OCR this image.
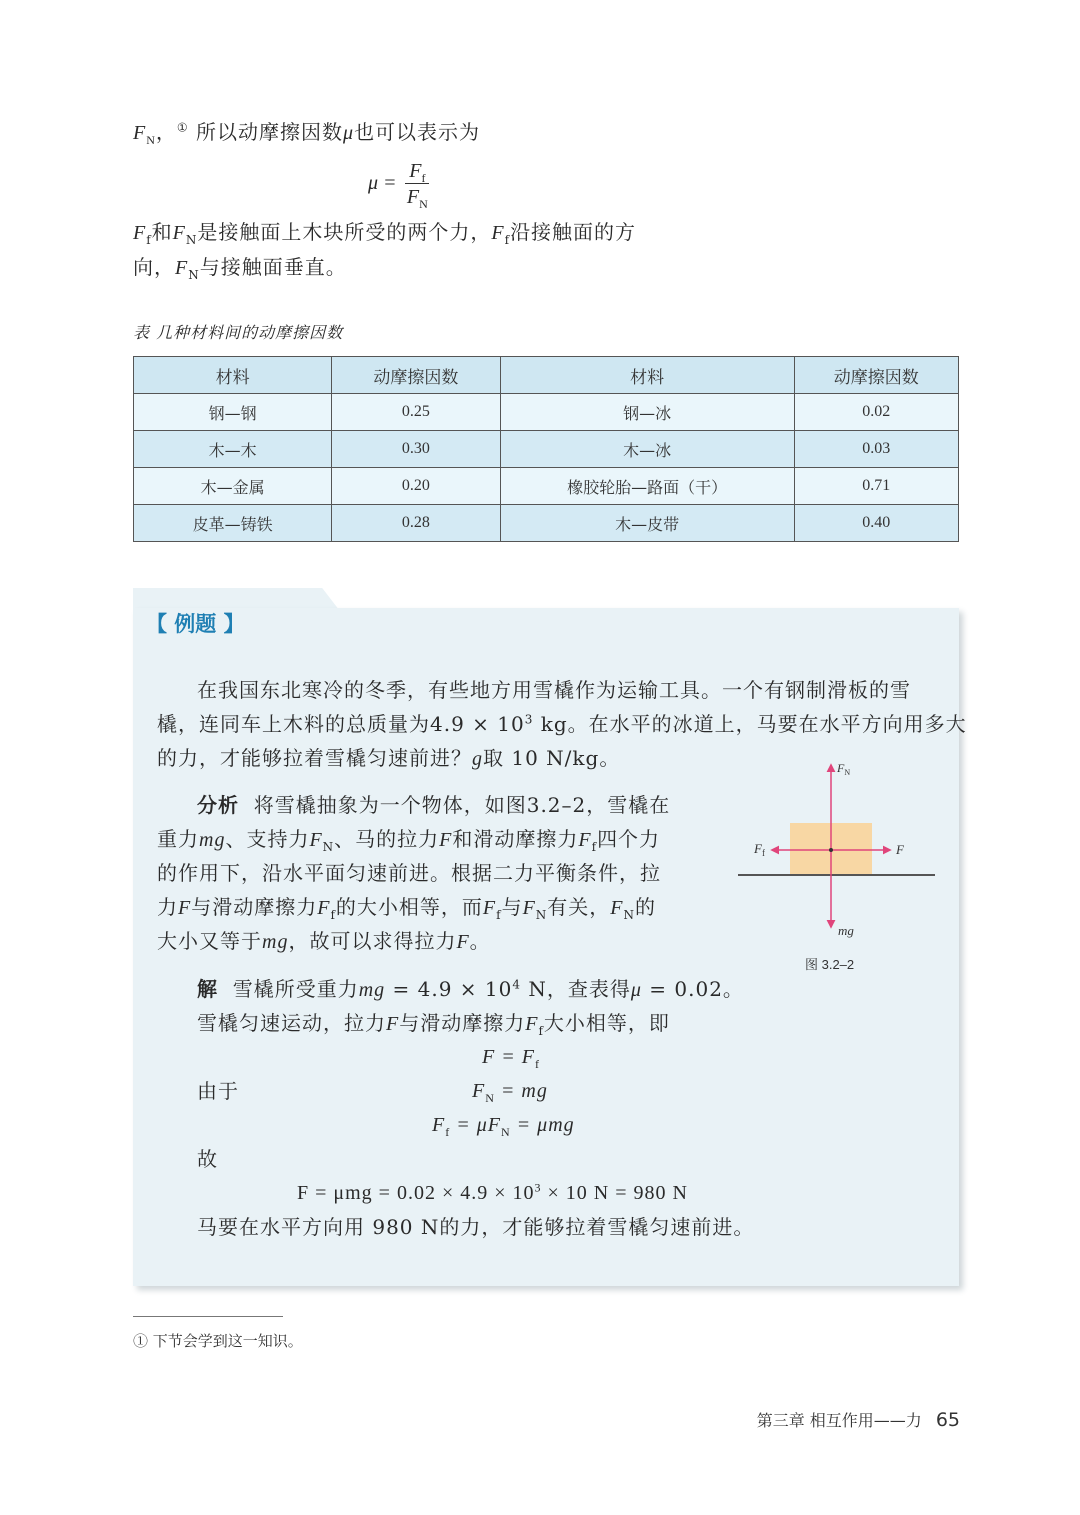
$F_N$，① 所以动摩擦因数μ也可以表示为
$\mu = \frac{F_f}{F_N}$
$F_f$和$F_N$是接触面上木块所受的两个力，$F_f$沿接触面的方
向，$F_N$与接触面垂直。
表 几种材料间的动摩擦因数
材料	动摩擦因数	材料	动摩擦因数
钢—钢	0.25	钢—冰	0.02
木—木	0.30	木—冰	0.03
木—金属	0.20	橡胶轮胎—路面（干）	0.71
皮革—铸铁	0.28	木—皮带	0.40
【 例题 】
在我国东北寒冷的冬季，有些地方用雪橇作为运输工具。一个有钢制滑板的雪
橇，连同车上木料的总质量为$4.9 \times 10^3$ kg。在水平的冰道上，马要在水平方向用多大
的力，才能够拉着雪橇匀速前进？g取 10 N/kg。
分析 将雪橇抽象为一个物体，如图3.2–2，雪橇在
重力mg、支持力$F_N$、马的拉力F和滑动摩擦力$F_f$四个力
的作用下，沿水平面匀速前进。根据二力平衡条件，拉
力F与滑动摩擦力$F_f$的大小相等，而$F_f$与$F_N$有关，$F_N$的
大小又等于mg，故可以求得拉力F。
$F_N$
$F_f$	F
mg
图 3.2–2
解 雪橇所受重力mg = $4.9 \times 10^4$ N，查表得μ = 0.02。
雪橇匀速运动，拉力F与滑动摩擦力$F_f$大小相等，即
$F = F_f$
由于	$F_N$ = mg
$F_f = \mu F_N = \mu mg$
故
$F = \mu mg = 0.02 \times 4.9 \times 10^3 \times 10$ N = 980 N
马要在水平方向用 980 N的力，才能够拉着雪橇匀速前进。
① 下节会学到这一知识。
第三章 相互作用——力 65
